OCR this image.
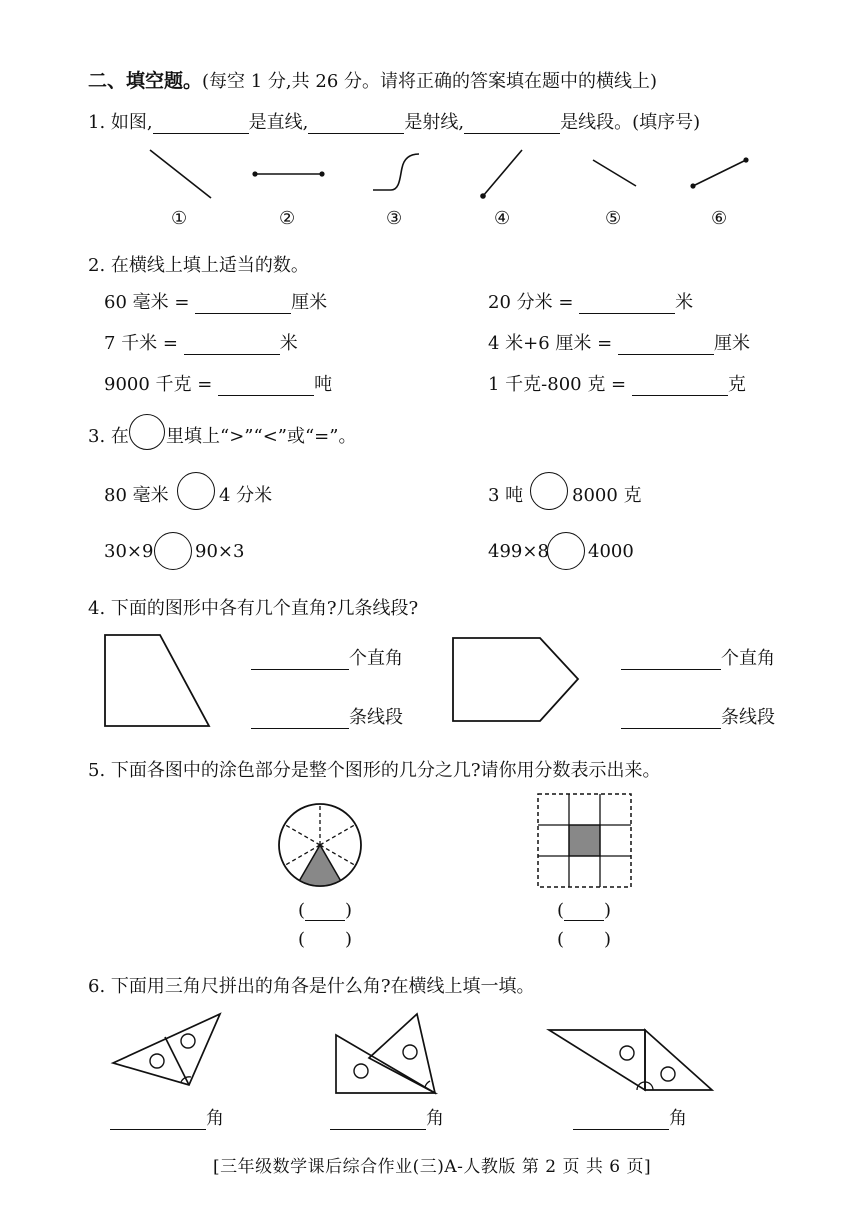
二、填空题。(每空 1 分,共 26 分。请将正确的答案填在题中的横线上)
1. 如图,	是直线,	是射线,	是线段。(填序号)
①	②	③	④	⑤	⑥
2. 在横线上填上适当的数。
60 毫米 =	厘米	20 分米 =	米
7 千米 =	米	4 米+6 厘米 =	厘米
9000 千克 =	吨	1 千克-800 克 =	克
3. 在 里填上“>”“<”或“=”。
80 毫米	4 分米	3 吨	8000 克
30×9 90×3	499×8 4000
4. 下面的图形中各有几个直角?几条线段?
个直角
条线段
个直角
条线段
5. 下面各图中的涂色部分是整个图形的几分之几?请你用分数表示出来。
( )
( )
( )
( )
6. 下面用三角尺拼出的角各是什么角?在横线上填一填。
角	角	角
[三年级数学课后综合作业(三)A-人教版 第 2 页 共 6 页]
